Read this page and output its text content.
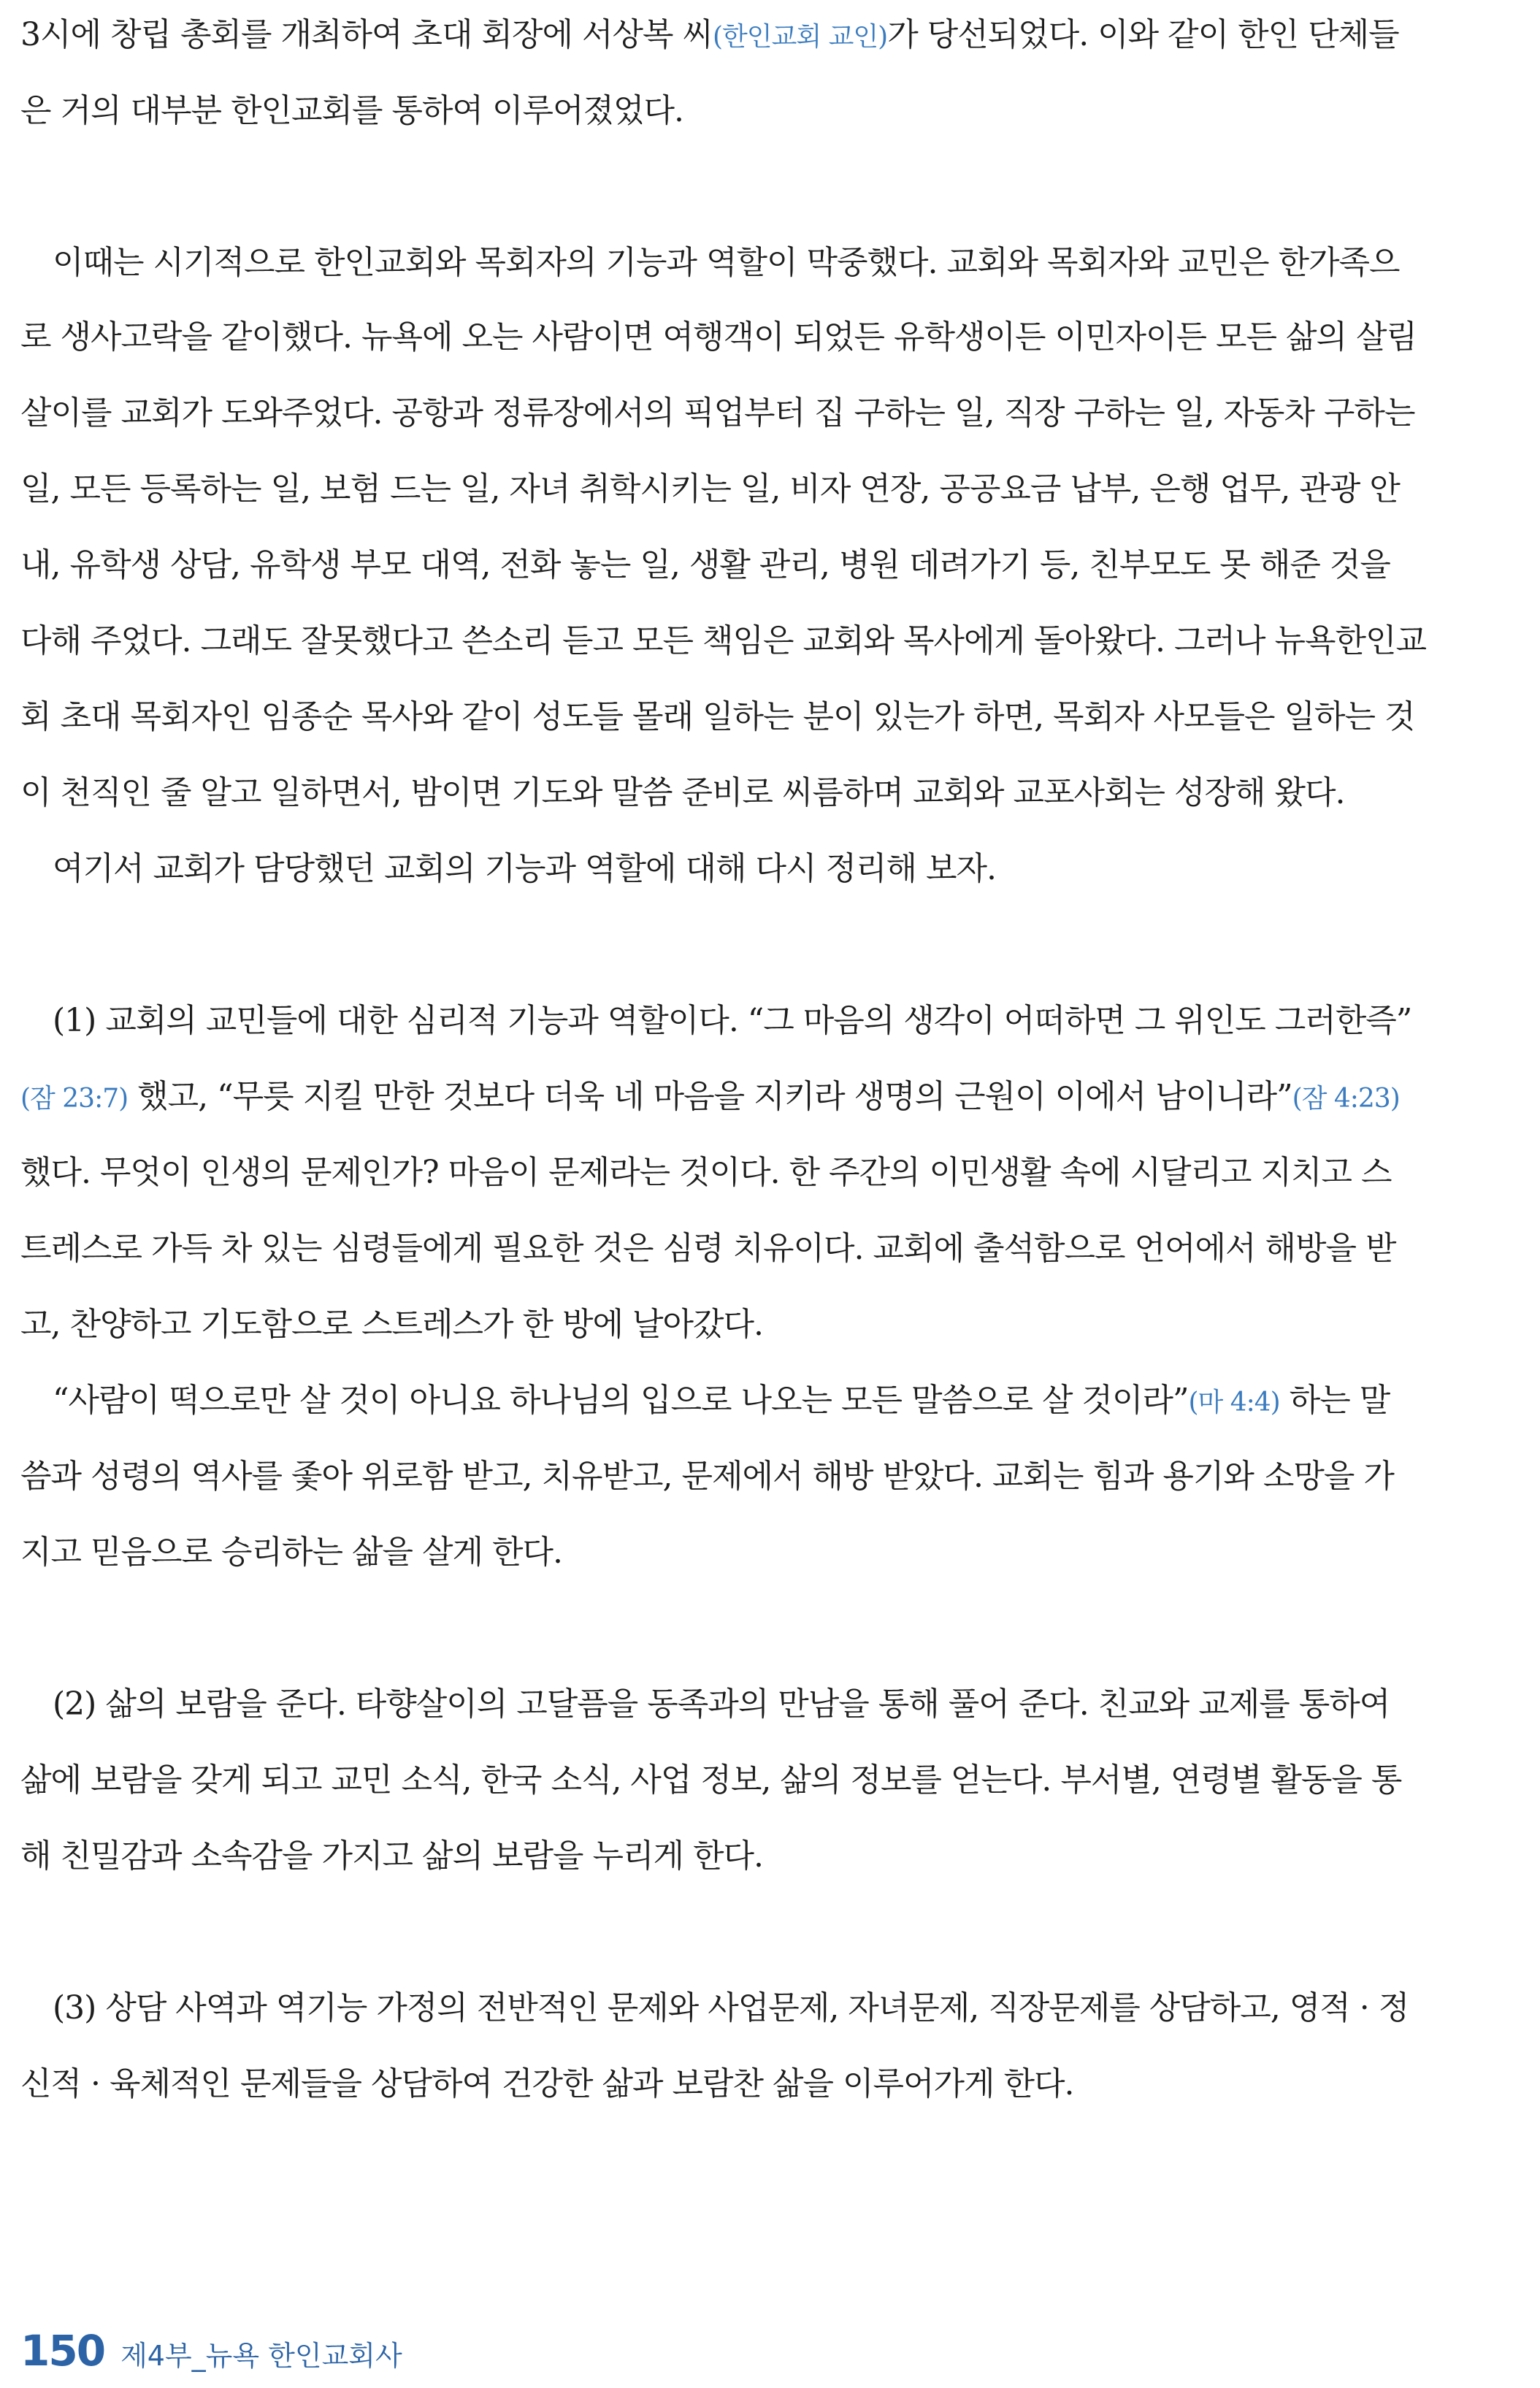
3시에 창립 총회를 개최하여 초대 회장에 서상복 씨(한인교회 교인)가 당선되었다. 이와 같이 한인 단체들
은 거의 대부분 한인교회를 통하여 이루어졌었다.
이때는 시기적으로 한인교회와 목회자의 기능과 역할이 막중했다. 교회와 목회자와 교민은 한가족으
로 생사고락을 같이했다. 뉴욕에 오는 사람이면 여행객이 되었든 유학생이든 이민자이든 모든 삶의 살림
살이를 교회가 도와주었다. 공항과 정류장에서의 픽업부터 집 구하는 일, 직장 구하는 일, 자동차 구하는
일, 모든 등록하는 일, 보험 드는 일, 자녀 취학시키는 일, 비자 연장, 공공요금 납부, 은행 업무, 관광 안
내, 유학생 상담, 유학생 부모 대역, 전화 놓는 일, 생활 관리, 병원 데려가기 등, 친부모도 못 해준 것을
다해 주었다. 그래도 잘못했다고 쓴소리 듣고 모든 책임은 교회와 목사에게 돌아왔다. 그러나 뉴욕한인교
회 초대 목회자인 임종순 목사와 같이 성도들 몰래 일하는 분이 있는가 하면, 목회자 사모들은 일하는 것
이 천직인 줄 알고 일하면서, 밤이면 기도와 말씀 준비로 씨름하며 교회와 교포사회는 성장해 왔다.
여기서 교회가 담당했던 교회의 기능과 역할에 대해 다시 정리해 보자.
(1) 교회의 교민들에 대한 심리적 기능과 역할이다. “그 마음의 생각이 어떠하면 그 위인도 그러한즉”
(잠 23:7) 했고, “무릇 지킬 만한 것보다 더욱 네 마음을 지키라 생명의 근원이 이에서 남이니라”(잠 4:23)
했다. 무엇이 인생의 문제인가? 마음이 문제라는 것이다. 한 주간의 이민생활 속에 시달리고 지치고 스
트레스로 가득 차 있는 심령들에게 필요한 것은 심령 치유이다. 교회에 출석함으로 언어에서 해방을 받
고, 찬양하고 기도함으로 스트레스가 한 방에 날아갔다.
“사람이 떡으로만 살 것이 아니요 하나님의 입으로 나오는 모든 말씀으로 살 것이라”(마 4:4) 하는 말
씀과 성령의 역사를 좇아 위로함 받고, 치유받고, 문제에서 해방 받았다. 교회는 힘과 용기와 소망을 가
지고 믿음으로 승리하는 삶을 살게 한다.
(2) 삶의 보람을 준다. 타향살이의 고달픔을 동족과의 만남을 통해 풀어 준다. 친교와 교제를 통하여
삶에 보람을 갖게 되고 교민 소식, 한국 소식, 사업 정보, 삶의 정보를 얻는다. 부서별, 연령별 활동을 통
해 친밀감과 소속감을 가지고 삶의 보람을 누리게 한다.
(3) 상담 사역과 역기능 가정의 전반적인 문제와 사업문제, 자녀문제, 직장문제를 상담하고, 영적 · 정
신적 · 육체적인 문제들을 상담하여 건강한 삶과 보람찬 삶을 이루어가게 한다.
150 제4부_뉴욕 한인교회사
